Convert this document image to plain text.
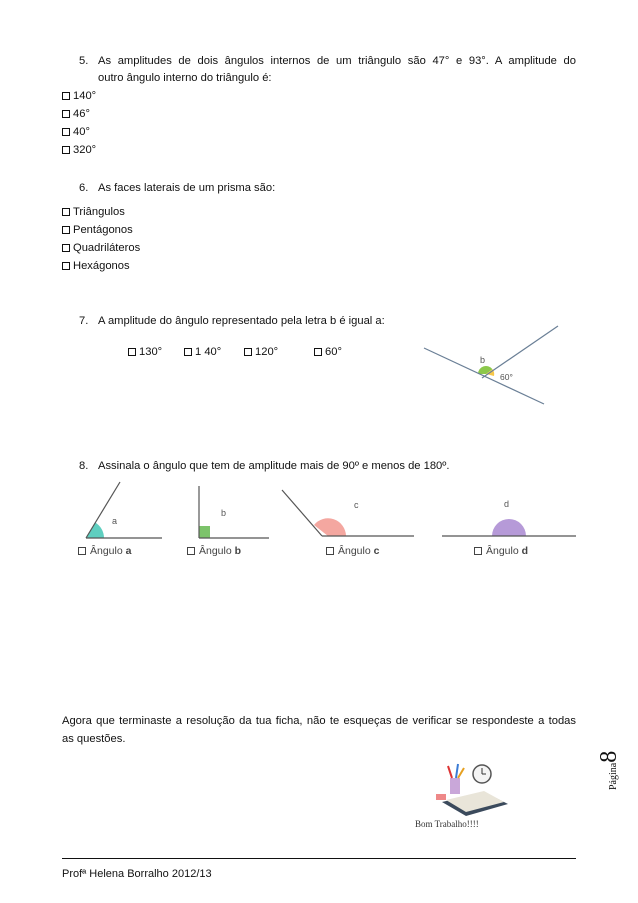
5. As amplitudes de dois ângulos internos de um triângulo são 47° e 93°. A amplitude do
outro ângulo interno do triângulo é:
140°
46°
40°
320°
6. As faces laterais de um prisma são:
Triângulos
Pentágonos
Quadriláteros
Hexágonos
7. A amplitude do ângulo representado pela letra b é igual a:
130°	1 40°	120°	60°
b
60°
8. Assinala o ângulo que tem de amplitude mais de 90º e menos de 180º.
a
b
c	d
Ângulo a	Ângulo b	Ângulo c	Ângulo d
Agora que terminaste a resolução da tua ficha, não te esqueças de verificar se respondeste a todas
as questões.
Bom Trabalho!!!!
Página8
Profª Helena Borralho 2012/13
